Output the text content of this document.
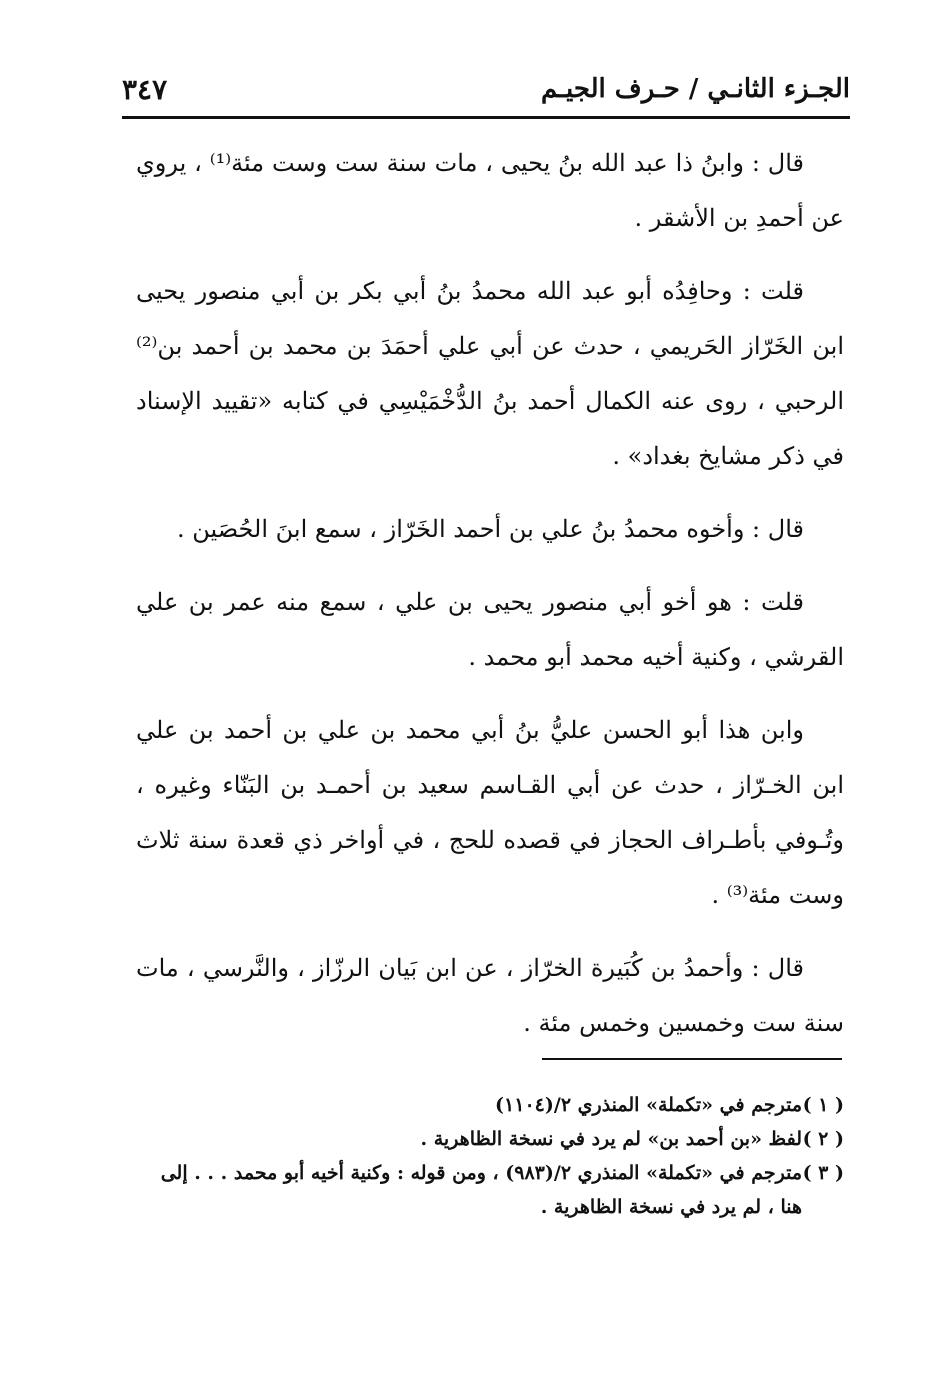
٣٤٧	الجـزء الثانـي / حـرف الجيـم

قال : وابنُ ذا عبد الله بنُ يحيى ، مات سنة ست وست مئة⁽¹⁾ ، يروي عن أحمدِ بن الأشقر .

قلت : وحافِدُه أبو عبد الله محمدُ بنُ أبي بكر بن أبي منصور يحيى ابن الخَرّاز الحَريمي ، حدث عن أبي علي أحمَدَ بن محمد بن أحمد بن⁽²⁾ الرحبي ، روى عنه الكمال أحمد بنُ الدُّخْمَيْسِي في كتابه «تقييد الإسناد في ذكر مشايخ بغداد» .

قال : وأخوه محمدُ بنُ علي بن أحمد الخَرّاز ، سمع ابنَ الحُصَين .

قلت : هو أخو أبي منصور يحيى بن علي ، سمع منه عمر بن علي القرشي ، وكنية أخيه محمد أبو محمد .

وابن هذا أبو الحسن عليُّ بنُ أبي محمد بن علي بن أحمد بن علي ابن الخـرّاز ، حدث عن أبي القـاسم سعيد بن أحمـد بن البَنّاء وغيره ، وتُـوفي بأطـراف الحجاز في قصده للحج ، في أواخر ذي قعدة سنة ثلاث وست مئة⁽³⁾ .

قال : وأحمدُ بن كُبَيرة الخرّاز ، عن ابن بَيان الرزّاز ، والنَّرسي ، مات سنة ست وخمسين وخمس مئة .

( ١ )مترجم في «تكملة» المنذري ٢/(١١٠٤)

( ٢ )لفظ «بن أحمد بن» لم يرد في نسخة الظاهرية .

( ٣ )مترجم في «تكملة» المنذري ٢/(٩٨٣) ، ومن قوله : وكنية أخيه أبو محمد . . . إلى هنا ، لم يرد في نسخة الظاهرية .
